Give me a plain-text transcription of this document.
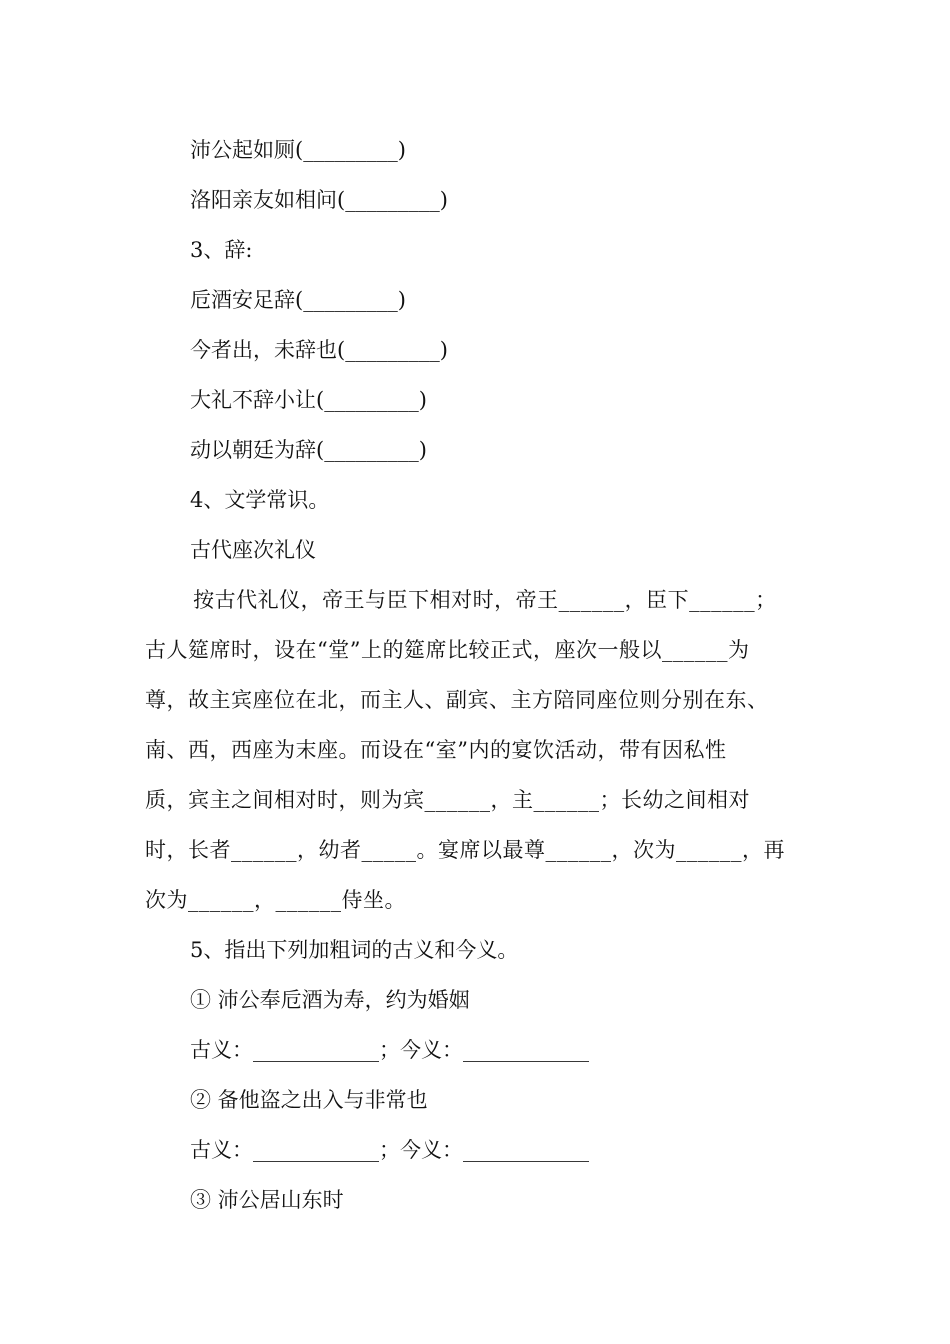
沛公起如厕(_________)
洛阳亲友如相问(_________)
3、辞:
卮酒安足辞(_________)
今者出，未辞也(_________)
大礼不辞小让(_________)
动以朝廷为辞(_________)
4、文学常识。
古代座次礼仪
按古代礼仪，帝王与臣下相对时，帝王______，臣下______；
古人筵席时，设在“堂”上的筵席比较正式，座次一般以______为
尊，故主宾座位在北，而主人、副宾、主方陪同座位则分别在东、
南、西，西座为末座。而设在“室”内的宴饮活动，带有因私性
质，宾主之间相对时，则为宾______，主______；长幼之间相对
时，长者______，幼者_____。宴席以最尊______，次为______，再
次为______，______侍坐。
5、指出下列加粗词的古义和今义。
① 沛公奉卮酒为寿，约为婚姻
古义：____________；今义：____________
② 备他盗之出入与非常也
古义：____________；今义：____________
③ 沛公居山东时
